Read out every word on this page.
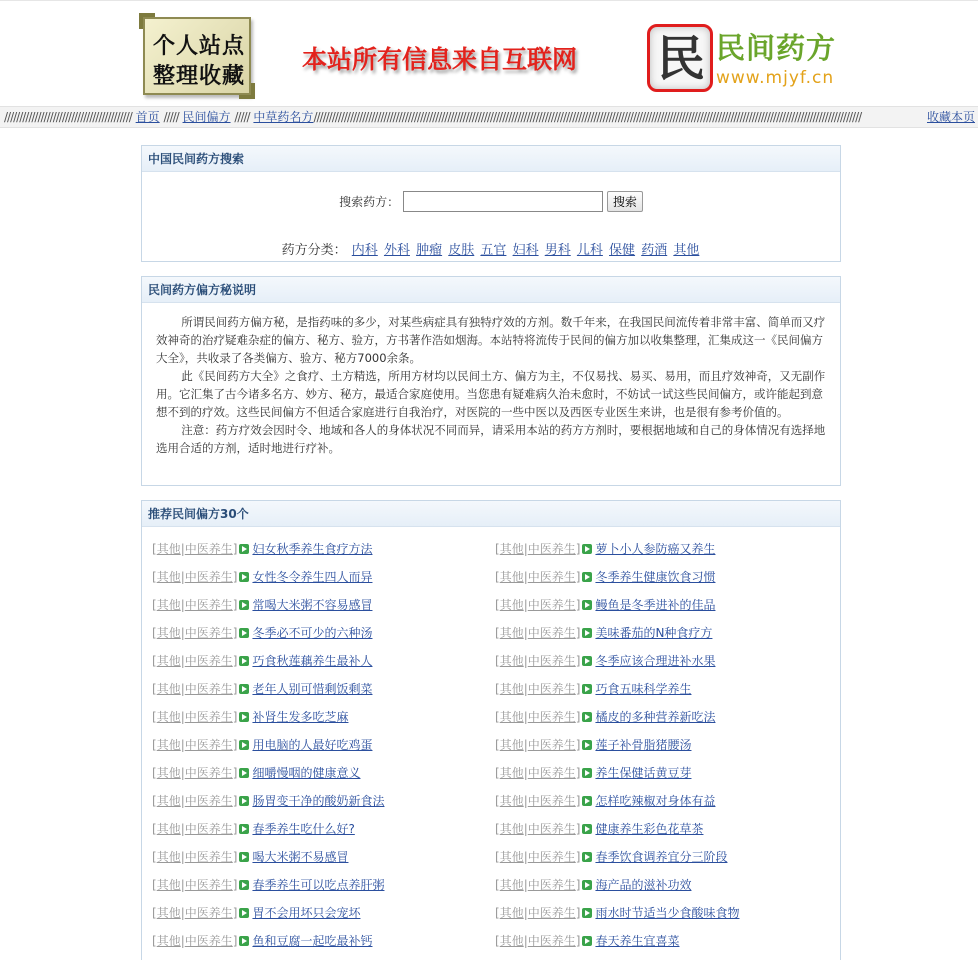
个人站点
整理收藏
本站所有信息来自互联网 民 民间药方
www.mjyf.cn
////////////////////////////////////////// 首页 ///// 民间偏方 ///// 中草药名方////////////////////////////////////////////////////////////////////////////////////////////////////////////////////////////////////////////////////////////////////////////////////	收藏本页
中国民间药方搜索
搜索药方：	搜索
药方分类： 内科 外科 肿瘤 皮肤 五官 妇科 男科 儿科 保健 药酒 其他
民间药方偏方秘说明

所谓民间药方偏方秘，是指药味的多少，对某些病症具有独特疗效的方剂。数千年来，在我国民间流传着非常丰富、简单而又疗效神奇的治疗疑难杂症的偏方、秘方、验方，方书著作浩如烟海。本站特将流传于民间的偏方加以收集整理，汇集成这一《民间偏方大全》，共收录了各类偏方、验方、秘方7000余条。

此《民间药方大全》之食疗、土方精选，所用方材均以民间土方、偏方为主，不仅易找、易买、易用，而且疗效神奇，又无副作用。它汇集了古今诸多名方、妙方、秘方，最适合家庭使用。当您患有疑难病久治未愈时，不妨试一试这些民间偏方，或许能起到意想不到的疗效。这些民间偏方不但适合家庭进行自我治疗，对医院的一些中医以及西医专业医生来讲，也是很有参考价值的。

注意：药方疗效会因时令、地域和各人的身体状况不同而异，请采用本站的药方方剂时，要根据地域和自己的身体情况有选择地选用合适的方剂，适时地进行疗补。

推荐民间偏方30个
[其他|中医养生] 妇女秋季养生食疗方法
[其他|中医养生] 女性冬令养生四人而异
[其他|中医养生] 常喝大米粥不容易感冒
[其他|中医养生] 冬季必不可少的六种汤
[其他|中医养生] 巧食秋莲藕养生最补人
[其他|中医养生] 老年人别可惜剩饭剩菜
[其他|中医养生] 补肾生发多吃芝麻
[其他|中医养生] 用电脑的人最好吃鸡蛋
[其他|中医养生] 细嚼慢咽的健康意义
[其他|中医养生] 肠胃变干净的酸奶新食法
[其他|中医养生] 春季养生吃什么好?
[其他|中医养生] 喝大米粥不易感冒
[其他|中医养生] 春季养生可以吃点养肝粥
[其他|中医养生] 胃不会用坏只会宠坏
[其他|中医养生] 鱼和豆腐一起吃最补钙
[其他|中医养生] 萝卜小人参防癌又养生
[其他|中医养生] 冬季养生健康饮食习惯
[其他|中医养生] 鳗鱼是冬季进补的佳品
[其他|中医养生] 美味番茄的N种食疗方
[其他|中医养生] 冬季应该合理进补水果
[其他|中医养生] 巧食五味科学养生
[其他|中医养生] 橘皮的多种营养新吃法
[其他|中医养生] 莲子补骨脂猪腰汤
[其他|中医养生] 养生保健话黄豆芽
[其他|中医养生] 怎样吃辣椒对身体有益
[其他|中医养生] 健康养生彩色花草茶
[其他|中医养生] 春季饮食调养宜分三阶段
[其他|中医养生] 海产品的滋补功效
[其他|中医养生] 雨水时节适当少食酸味食物
[其他|中医养生] 春天养生宜喜菜
